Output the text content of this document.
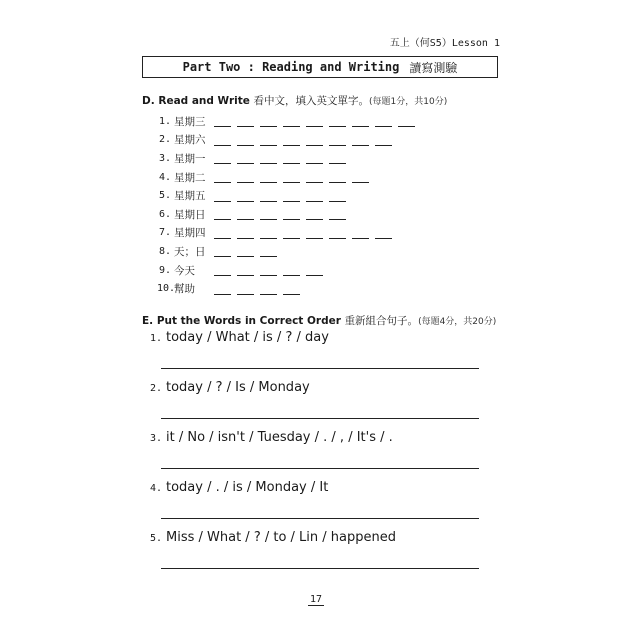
五上（何S5）Lesson 1
Part Two : Reading and Writing 讀寫測驗
D. Read and Write 看中文，填入英文單字。(每題1分，共10分)
1. 星期三
2. 星期六
3. 星期一
4. 星期二
5. 星期五
6. 星期日
7. 星期四
8. 天；日
9. 今天
10.
幫助
E. Put the Words in Correct Order 重新組合句子。(每題4分，共20分)
1. today / What / is / ? / day
2. today / ? / Is / Monday
3. it / No / isn't / Tuesday / . / , / It's / .
4. today / . / is / Monday / It
5. Miss / What / ? / to / Lin / happened
17
